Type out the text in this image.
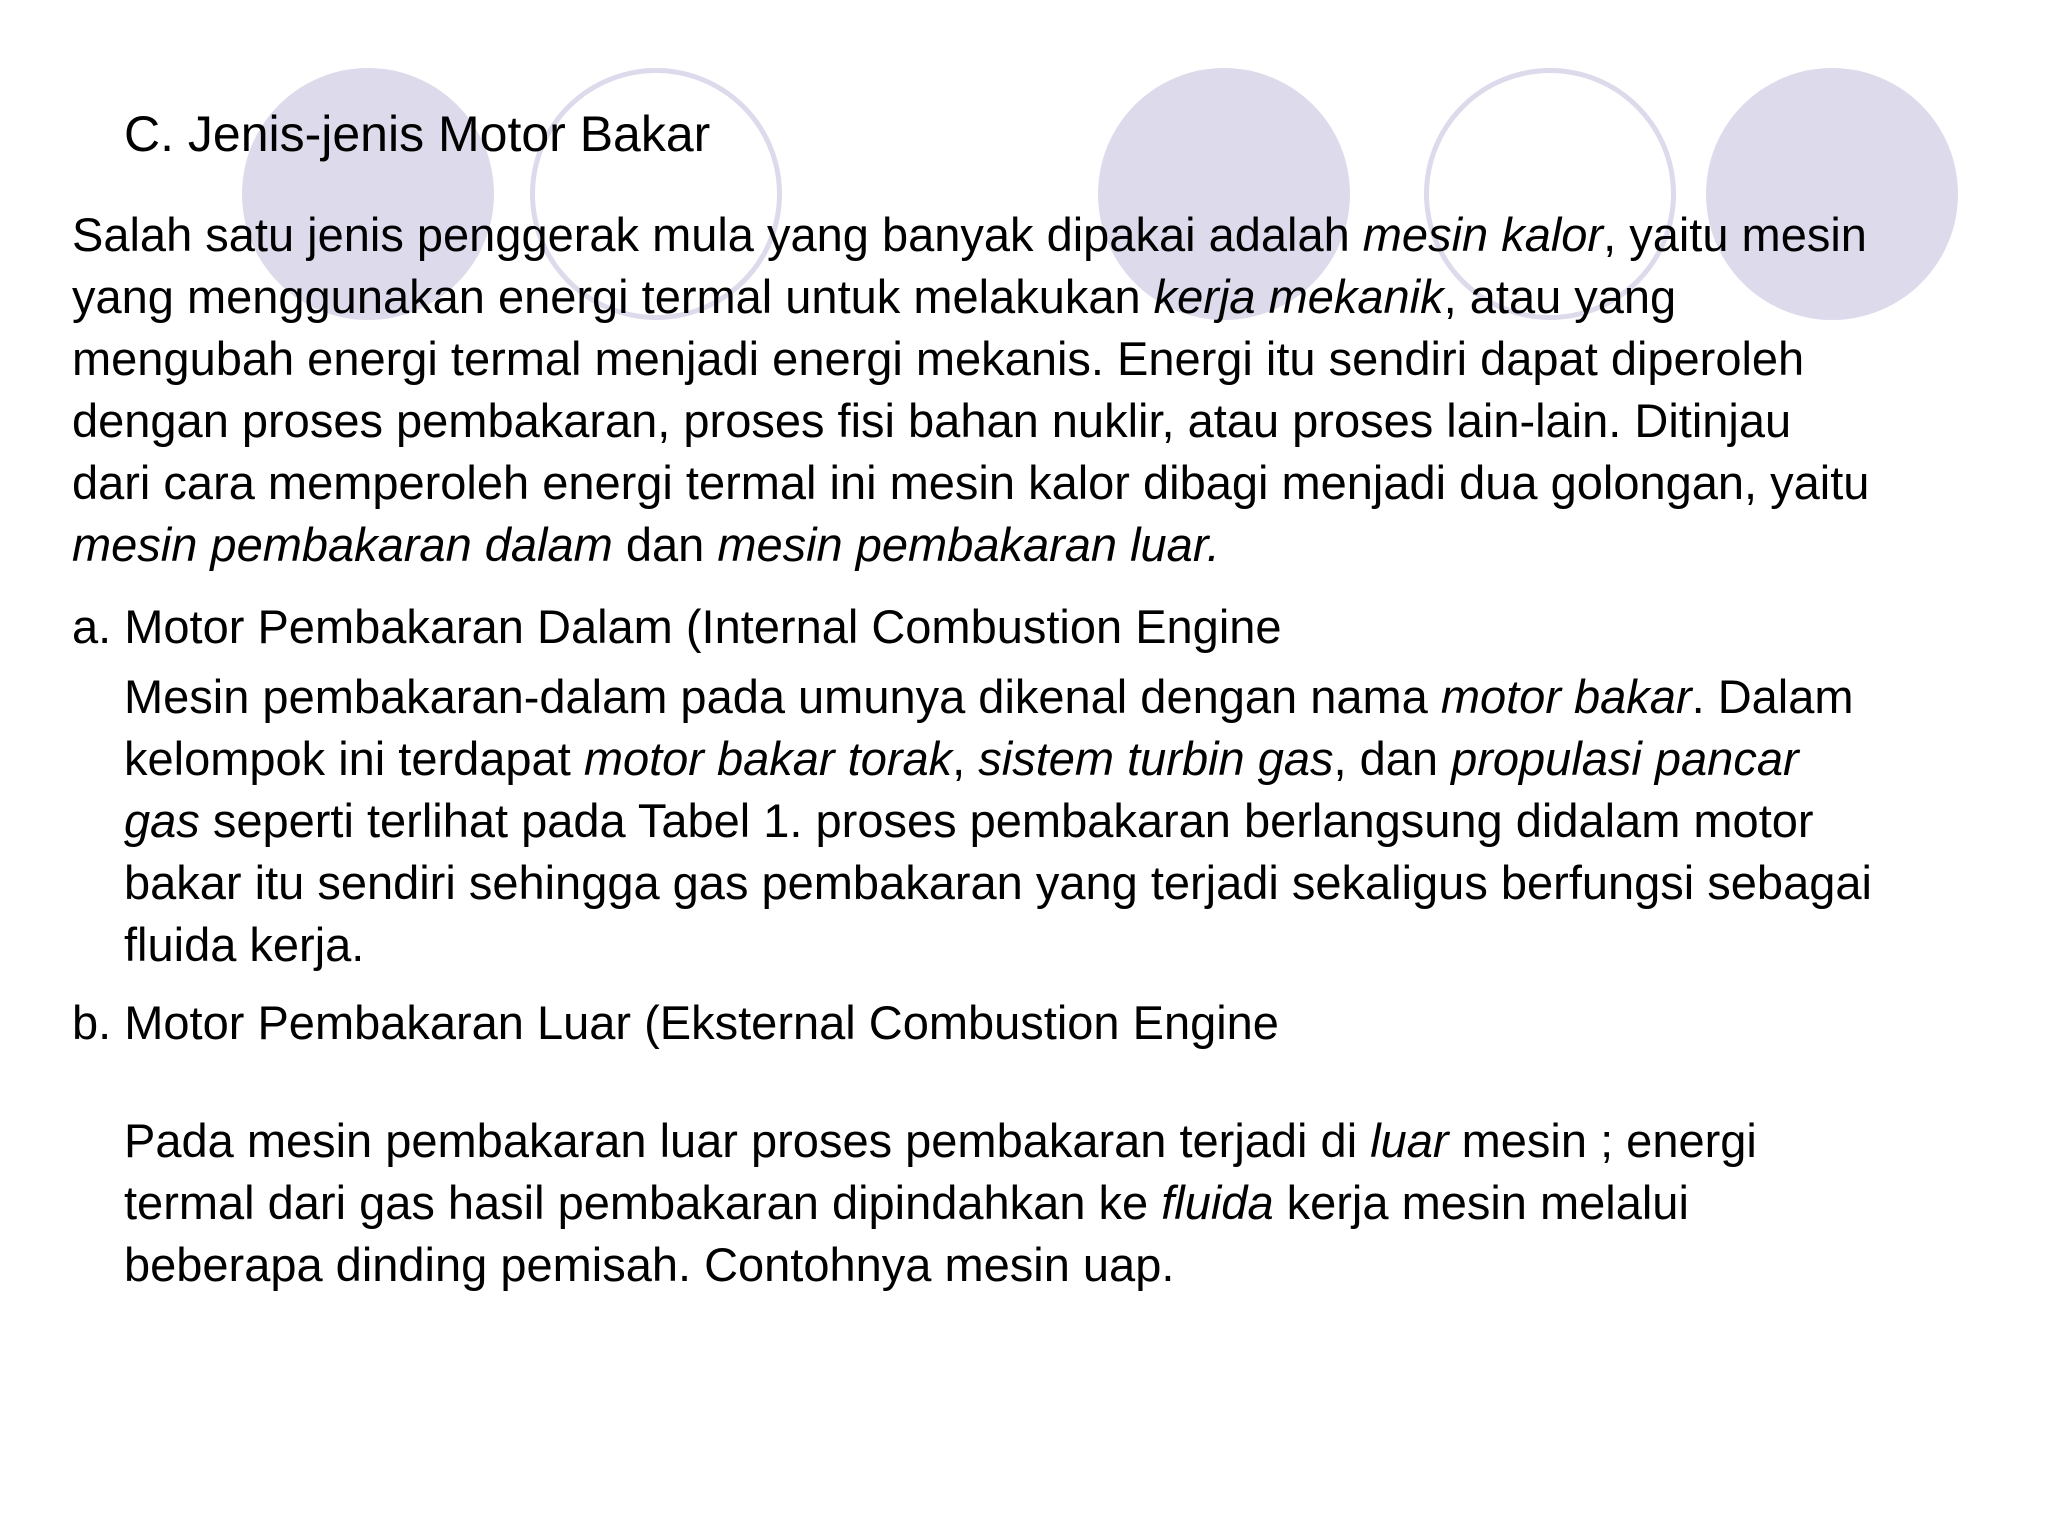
C. Jenis-jenis Motor Bakar
Salah satu jenis penggerak mula yang banyak dipakai adalah mesin kalor, yaitu mesin
yang menggunakan energi termal untuk melakukan kerja mekanik, atau yang
mengubah energi termal menjadi energi mekanis. Energi itu sendiri dapat diperoleh
dengan proses pembakaran, proses fisi bahan nuklir, atau proses lain-lain. Ditinjau
dari cara memperoleh energi termal ini mesin kalor dibagi menjadi dua golongan, yaitu
mesin pembakaran dalam dan mesin pembakaran luar.
a. Motor Pembakaran Dalam (Internal Combustion Engine
Mesin pembakaran-dalam pada umunya dikenal dengan nama motor bakar. Dalam
kelompok ini terdapat motor bakar torak, sistem turbin gas, dan propulasi pancar
gas seperti terlihat pada Tabel 1. proses pembakaran berlangsung didalam motor
bakar itu sendiri sehingga gas pembakaran yang terjadi sekaligus berfungsi sebagai
fluida kerja.
b. Motor Pembakaran Luar (Eksternal Combustion Engine
Pada mesin pembakaran luar proses pembakaran terjadi di luar mesin ; energi
termal dari gas hasil pembakaran dipindahkan ke fluida kerja mesin melalui
beberapa dinding pemisah. Contohnya mesin uap.
